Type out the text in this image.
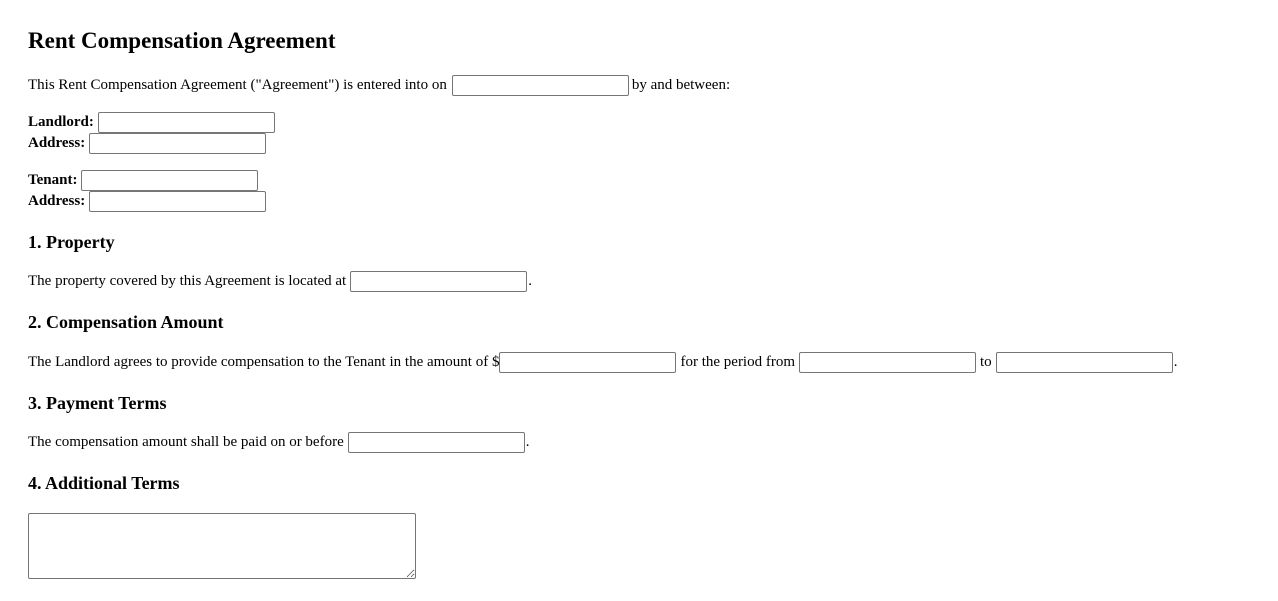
Rent Compensation Agreement
This Rent Compensation Agreement ("Agreement") is entered into on	by and between:
Landlord:
Address:
Tenant:
Address:
1. Property
The property covered by this Agreement is located at	.
2. Compensation Amount
The Landlord agrees to provide compensation to the Tenant in the amount of $	for the period from	to	.
3. Payment Terms
The compensation amount shall be paid on or before	.
4. Additional Terms
